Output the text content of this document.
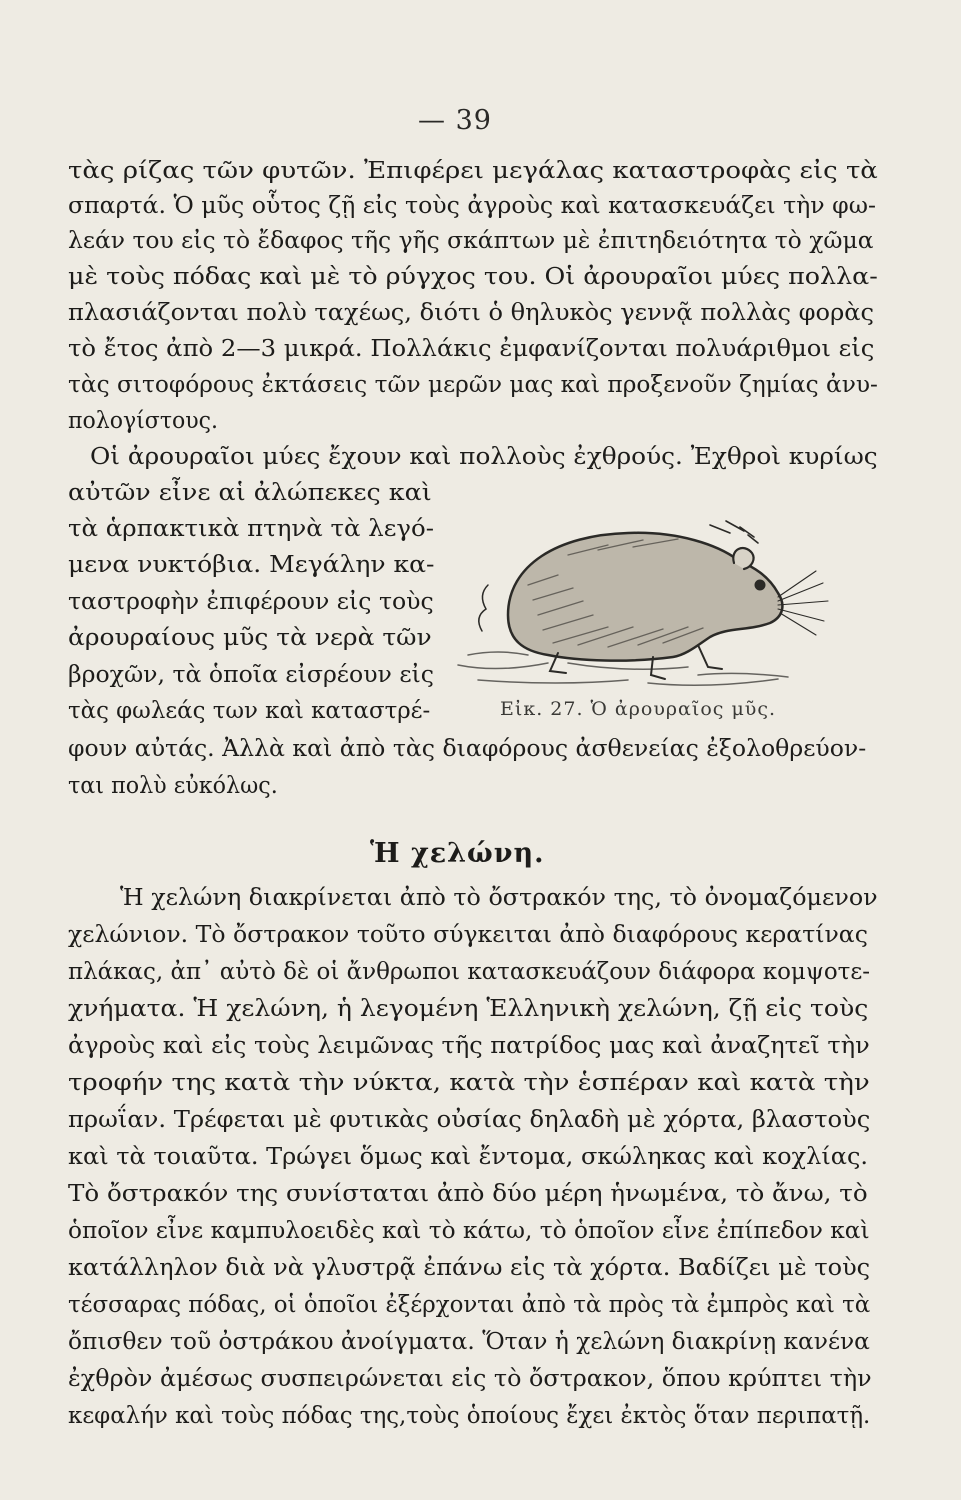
— 39
τὰς ρίζας τῶν φυτῶν. Ἐπιφέρει μεγάλας καταστροφὰς εἰς τὰ
σπαρτά. Ὁ μῦς οὗτος ζῇ εἰς τοὺς ἀγροὺς καὶ κατασκευάζει τὴν φω-
λεάν του εἰς τὸ ἔδαφος τῆς γῆς σκάπτων μὲ ἐπιτηδειότητα τὸ χῶμα
μὲ τοὺς πόδας καὶ μὲ τὸ ρύγχος του. Οἱ ἀρουραῖοι μύες πολλα-
πλασιάζονται πολὺ ταχέως, διότι ὁ θηλυκὸς γεννᾷ πολλὰς φορὰς
τὸ ἔτος ἀπὸ 2—3 μικρά. Πολλάκις ἐμφανίζονται πολυάριθμοι εἰς
τὰς σιτοφόρους ἐκτάσεις τῶν μερῶν μας καὶ προξενοῦν ζημίας ἀνυ-
πολογίστους.
Οἱ ἀρουραῖοι μύες ἔχουν καὶ πολλοὺς ἐχθρούς. Ἐχθροὶ κυρίως
αὐτῶν εἶνε αἱ ἀλώπεκες καὶ
τὰ ἁρπακτικὰ πτηνὰ τὰ λεγό-
μενα νυκτόβια. Μεγάλην κα-
ταστροφὴν ἐπιφέρουν εἰς τοὺς
ἀρουραίους μῦς τὰ νερὰ τῶν
βροχῶν, τὰ ὁποῖα εἰσρέουν εἰς
τὰς φωλεάς των καὶ καταστρέ-
φουν αὐτάς. Ἀλλὰ καὶ ἀπὸ τὰς διαφόρους ἀσθενείας ἐξολοθρεύον-
ται πολὺ εὐκόλως.
Ἡ χελώνη διακρίνεται ἀπὸ τὸ ὄστρακόν της, τὸ ὀνομαζόμενον
χελώνιον. Τὸ ὄστρακον τοῦτο σύγκειται ἀπὸ διαφόρους κερατίνας
πλάκας, ἀπ᾽ αὐτὸ δὲ οἱ ἄνθρωποι κατασκευάζουν διάφορα κομψοτε-
χνήματα. Ἡ χελώνη, ἡ λεγομένη Ἑλληνικὴ χελώνη, ζῇ εἰς τοὺς
ἀγροὺς καὶ εἰς τοὺς λειμῶνας τῆς πατρίδος μας καὶ ἀναζητεῖ τὴν
τροφήν της κατὰ τὴν νύκτα, κατὰ τὴν ἑσπέραν καὶ κατὰ τὴν
πρωΐαν. Τρέφεται μὲ φυτικὰς οὐσίας δηλαδὴ μὲ χόρτα, βλαστοὺς
καὶ τὰ τοιαῦτα. Τρώγει ὅμως καὶ ἔντομα, σκώληκας καὶ κοχλίας.
Τὸ ὄστρακόν της συνίσταται ἀπὸ δύο μέρη ἡνωμένα, τὸ ἄνω, τὸ
ὁποῖον εἶνε καμπυλοειδὲς καὶ τὸ κάτω, τὸ ὁποῖον εἶνε ἐπίπεδον καὶ
κατάλληλον διὰ νὰ γλυστρᾷ ἐπάνω εἰς τὰ χόρτα. Βαδίζει μὲ τοὺς
τέσσαρας πόδας, οἱ ὁποῖοι ἐξέρχονται ἀπὸ τὰ πρὸς τὰ ἐμπρὸς καὶ τὰ
ὄπισθεν τοῦ ὀστράκου ἀνοίγματα. Ὅταν ἡ χελώνη διακρίνῃ κανένα
ἐχθρὸν ἀμέσως συσπειρώνεται εἰς τὸ ὄστρακον, ὅπου κρύπτει τὴν
κεφαλήν καὶ τοὺς πόδας της,τοὺς ὁποίους ἔχει ἐκτὸς ὅταν περιπατῇ.
Ἡ χελώνη.
Εἰκ. 27. Ὁ ἀρουραῖος μῦς.
